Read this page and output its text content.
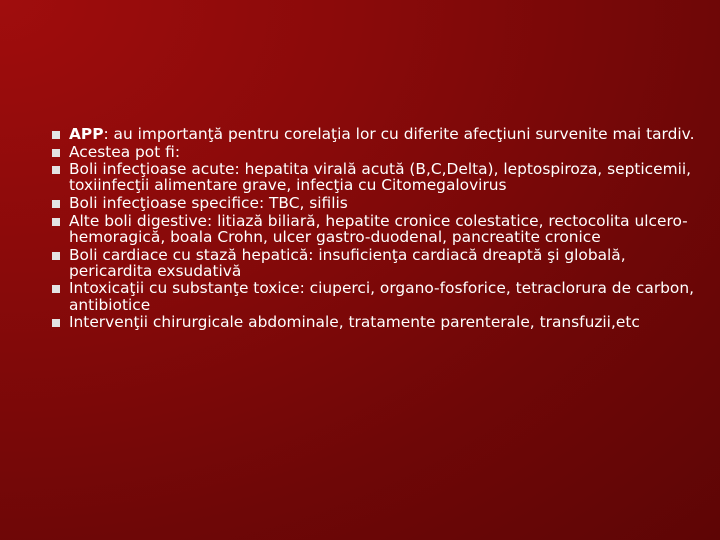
APP: au importanţă pentru corelaţia lor cu diferite afecţiuni survenite mai tardiv.
Acestea pot fi:
Boli infecţioase acute: hepatita virală acută (B,C,Delta), leptospiroza, septicemii, toxiinfecţii alimentare grave, infecţia cu Citomegalovirus
Boli infecţioase specifice: TBC, sifilis
Alte boli digestive: litiază biliară, hepatite cronice colestatice, rectocolita ulcero-hemoragică, boala Crohn, ulcer gastro-duodenal, pancreatite cronice
Boli cardiace cu stază hepatică: insuficienţa cardiacă dreaptă şi globală, pericardita exsudativă
Intoxicaţii cu substanţe toxice: ciuperci, organo-fosforice, tetraclorura de carbon, antibiotice
Intervenţii chirurgicale abdominale, tratamente parenterale, transfuzii,etc
